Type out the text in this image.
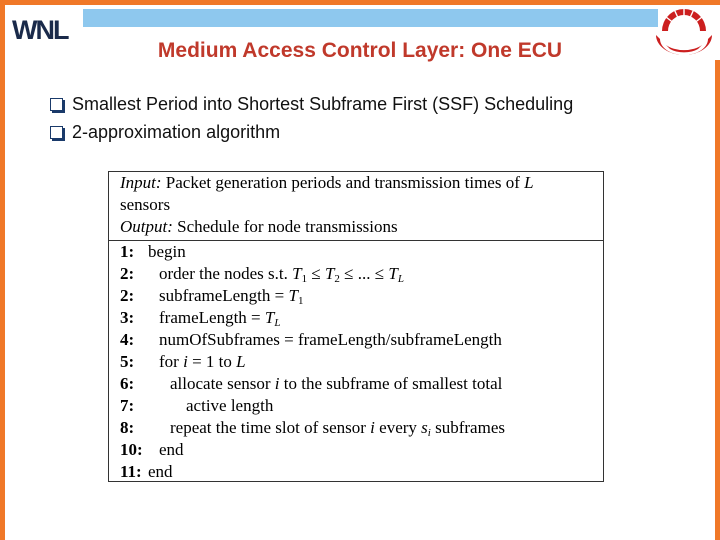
WNL
Medium Access Control Layer: One ECU
Smallest Period into Shortest Subframe First (SSF) Scheduling
2-approximation algorithm
Input: Packet generation periods and transmission times of L
sensors
Output: Schedule for node transmissions
1: begin
2:	order the nodes s.t. $T_1 \le T_2$ ≤ ... ≤ $T_L$
2:	subframeLength = $T_1$
3:	frameLength = $T_L$
4:	numOfSubframes = frameLength/subframeLength
5:	for i = 1 to L
6:	allocate sensor i to the subframe of smallest total
7:	active length
8:	repeat the time slot of sensor i every $s_i$ subframes
10: end
11: end
